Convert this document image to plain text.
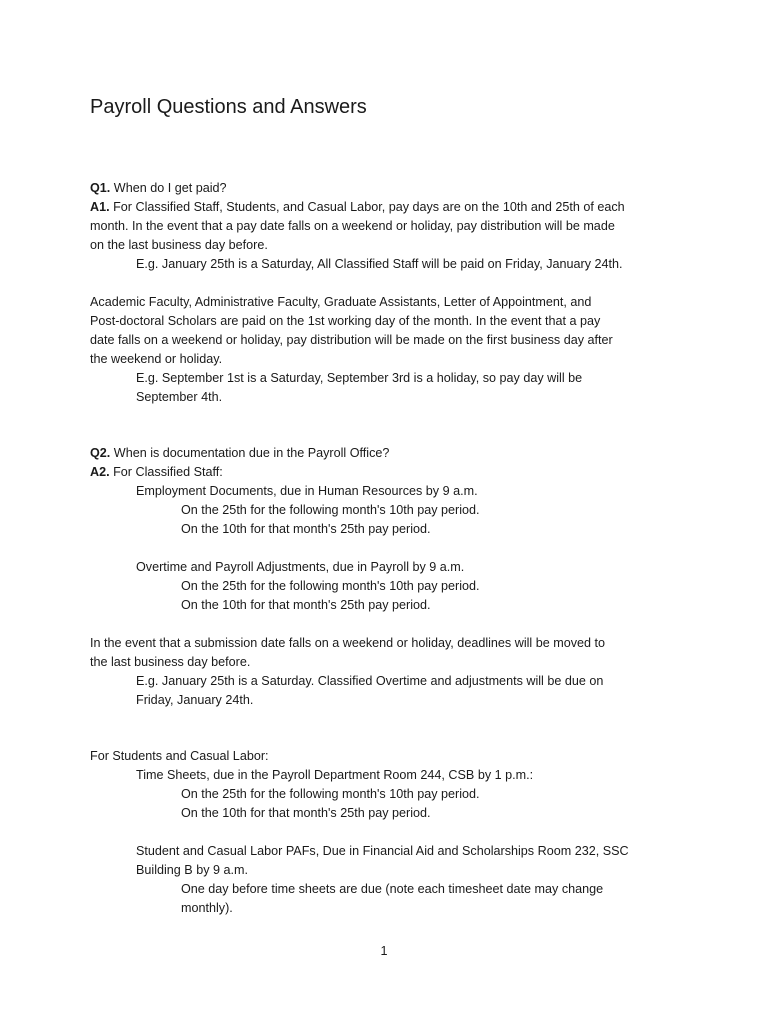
Payroll Questions and Answers
Q1. When do I get paid?
A1. For Classified Staff, Students, and Casual Labor, pay days are on the 10th and 25th of each
month. In the event that a pay date falls on a weekend or holiday, pay distribution will be made
on the last business day before.
E.g. January 25th is a Saturday, All Classified Staff will be paid on Friday, January 24th.
Academic Faculty, Administrative Faculty, Graduate Assistants, Letter of Appointment, and
Post-doctoral Scholars are paid on the 1st working day of the month. In the event that a pay
date falls on a weekend or holiday, pay distribution will be made on the first business day after
the weekend or holiday.
E.g. September 1st is a Saturday, September 3rd is a holiday, so pay day will be
September 4th.
Q2. When is documentation due in the Payroll Office?
A2. For Classified Staff:
Employment Documents, due in Human Resources by 9 a.m.
On the 25th for the following month's 10th pay period.
On the 10th for that month's 25th pay period.
Overtime and Payroll Adjustments, due in Payroll by 9 a.m.
On the 25th for the following month's 10th pay period.
On the 10th for that month's 25th pay period.
In the event that a submission date falls on a weekend or holiday, deadlines will be moved to
the last business day before.
E.g. January 25th is a Saturday. Classified Overtime and adjustments will be due on
Friday, January 24th.
For Students and Casual Labor:
Time Sheets, due in the Payroll Department Room 244, CSB by 1 p.m.:
On the 25th for the following month's 10th pay period.
On the 10th for that month's 25th pay period.
Student and Casual Labor PAFs, Due in Financial Aid and Scholarships Room 232, SSC
Building B by 9 a.m.
One day before time sheets are due (note each timesheet date may change
monthly).
1
